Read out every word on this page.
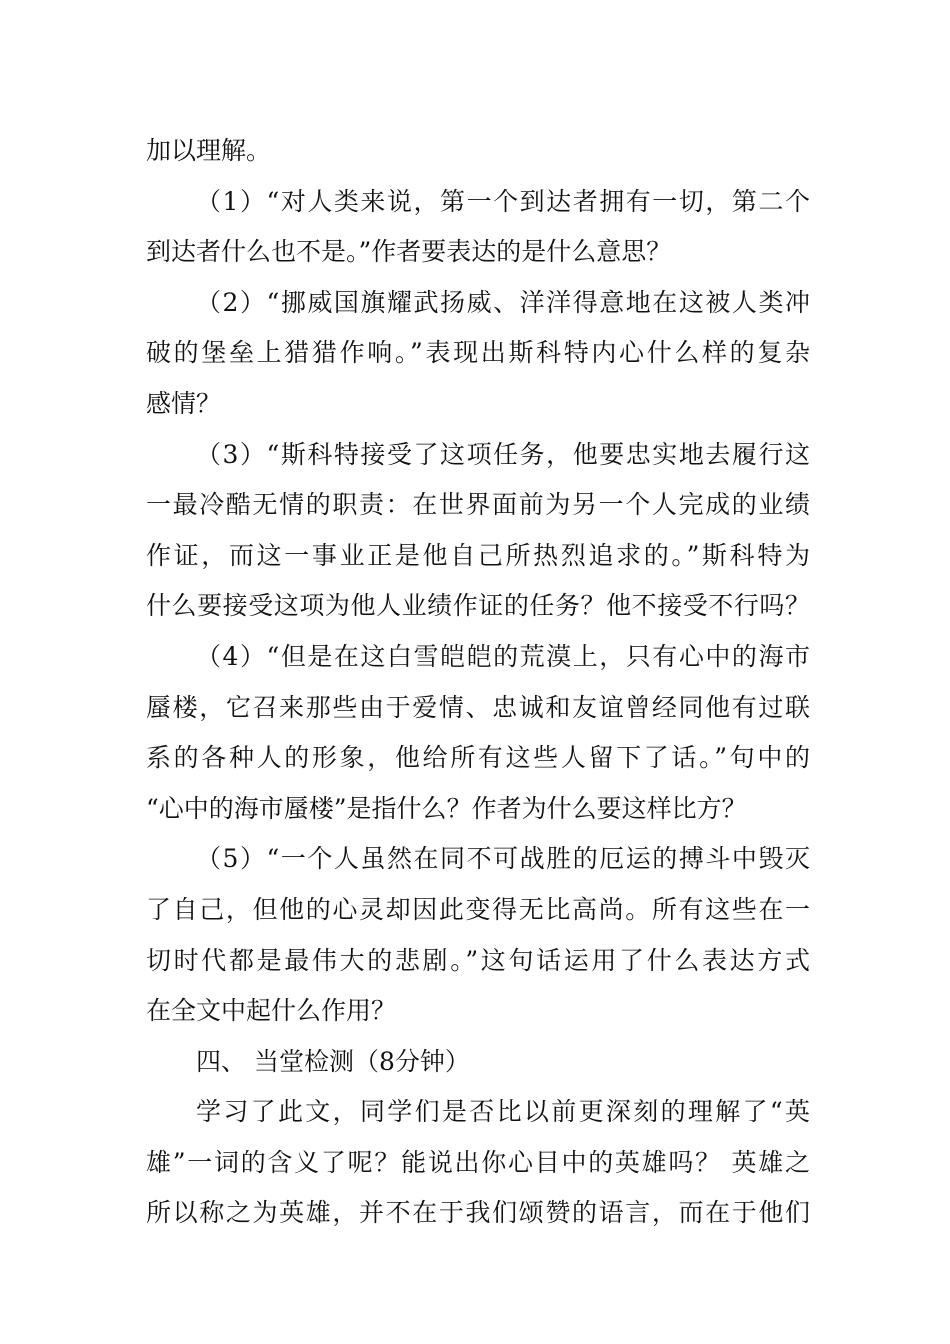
加以理解。
（1）“对人类来说，第一个到达者拥有一切，第二个
到达者什么也不是。”作者要表达的是什么意思？
（2）“挪威国旗耀武扬威、洋洋得意地在这被人类冲
破的堡垒上猎猎作响。”表现出斯科特内心什么样的复杂
感情？
（3）“斯科特接受了这项任务，他要忠实地去履行这
一最冷酷无情的职责：在世界面前为另一个人完成的业绩
作证，而这一事业正是他自己所热烈追求的。”斯科特为
什么要接受这项为他人业绩作证的任务？他不接受不行吗？
（4）“但是在这白雪皑皑的荒漠上，只有心中的海市
蜃楼，它召来那些由于爱情、忠诚和友谊曾经同他有过联
系的各种人的形象，他给所有这些人留下了话。”句中的
“心中的海市蜃楼”是指什么？作者为什么要这样比方？
（5）“一个人虽然在同不可战胜的厄运的搏斗中毁灭
了自己，但他的心灵却因此变得无比高尚。所有这些在一
切时代都是最伟大的悲剧。”这句话运用了什么表达方式
在全文中起什么作用？
四、 当堂检测（8分钟）
学习了此文，同学们是否比以前更深刻的理解了“英
雄”一词的含义了呢？能说出你心目中的英雄吗？ 英雄之
所以称之为英雄，并不在于我们颂赞的语言，而在于他们
